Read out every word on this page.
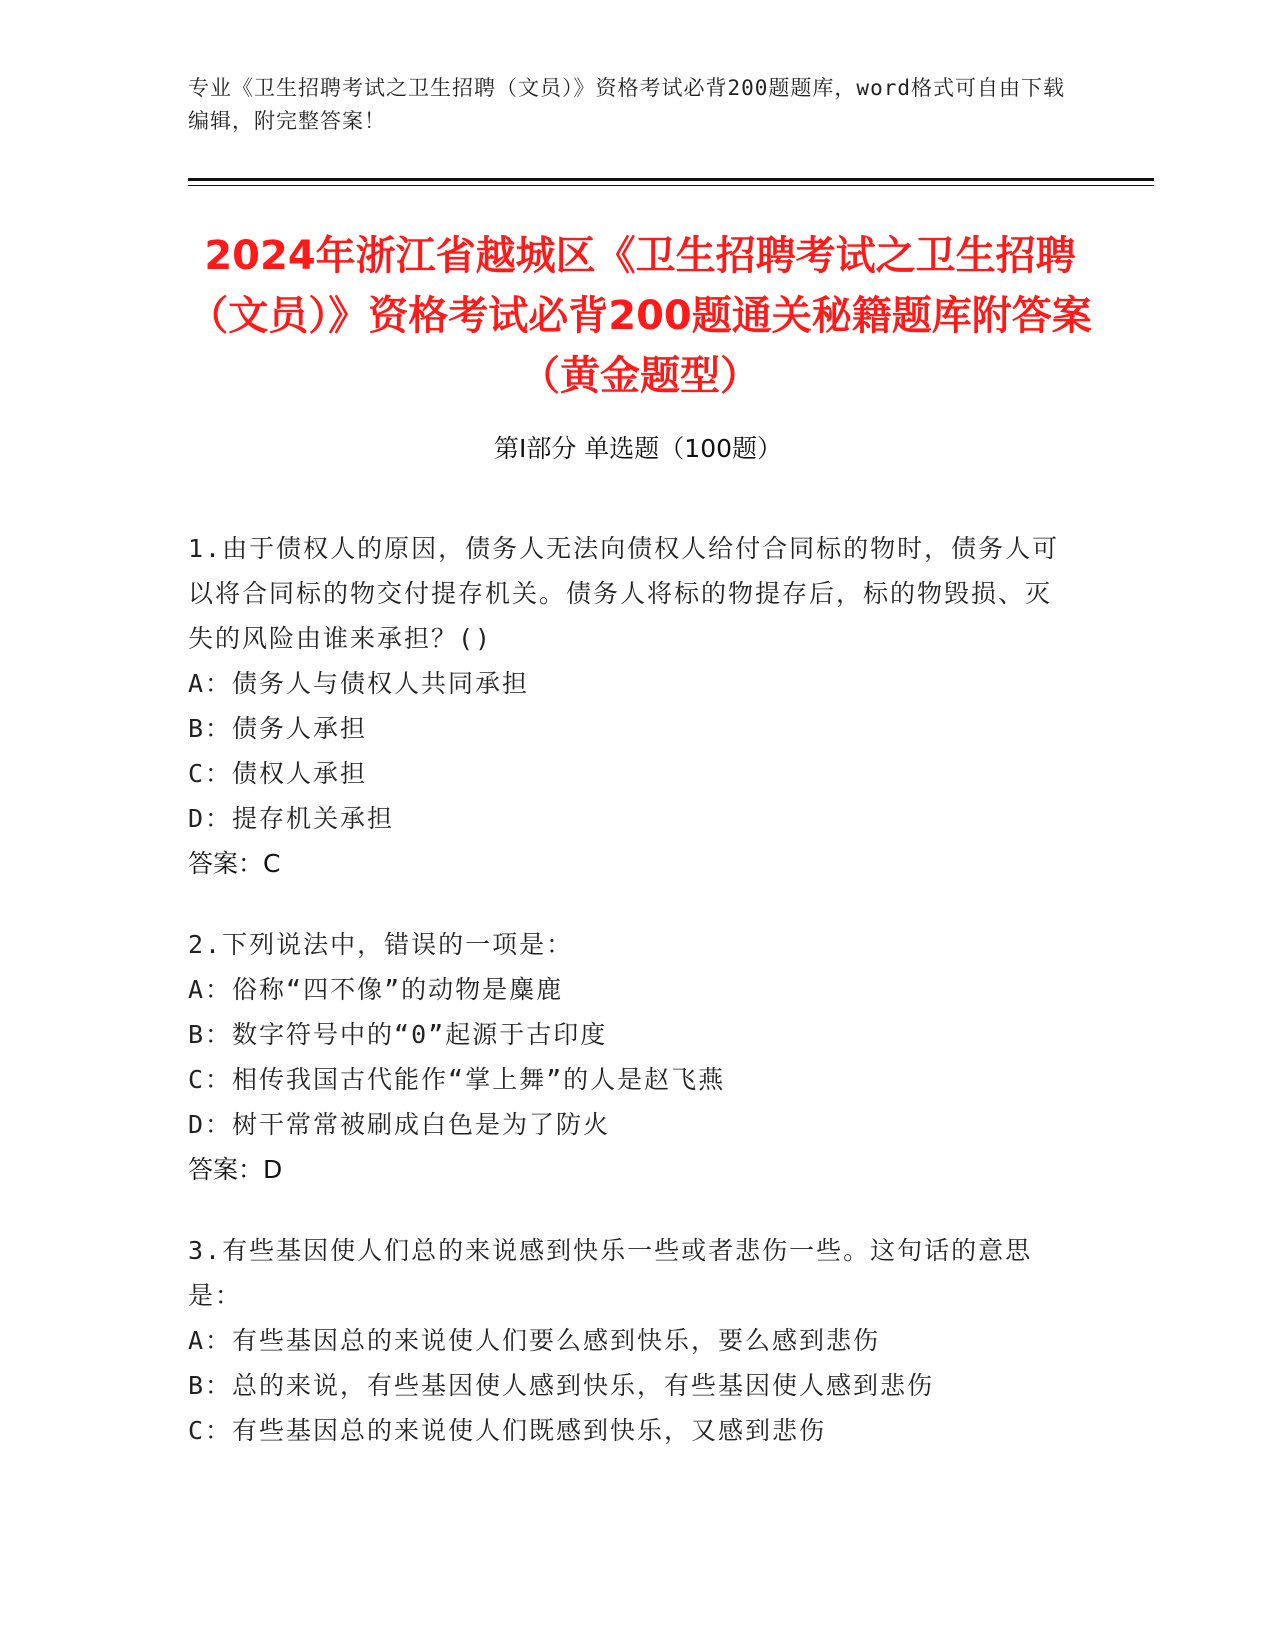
专业《卫生招聘考试之卫生招聘（文员）》资格考试必背200题题库，word格式可自由下载编辑，附完整答案！
2024年浙江省越城区《卫生招聘考试之卫生招聘（文员）》资格考试必背200题通关秘籍题库附答案（黄金题型）
第I部分 单选题（100题）
1.由于债权人的原因，债务人无法向债权人给付合同标的物时，债务人可以将合同标的物交付提存机关。债务人将标的物提存后，标的物毁损、灭失的风险由谁来承担？()
A：债务人与债权人共同承担
B：债务人承担
C：债权人承担
D：提存机关承担
答案：C
2.下列说法中，错误的一项是：
A：俗称“四不像”的动物是麋鹿
B：数字符号中的“0”起源于古印度
C：相传我国古代能作“掌上舞”的人是赵飞燕
D：树干常常被刷成白色是为了防火
答案：D
3.有些基因使人们总的来说感到快乐一些或者悲伤一些。这句话的意思是：
A：有些基因总的来说使人们要么感到快乐，要么感到悲伤
B：总的来说，有些基因使人感到快乐，有些基因使人感到悲伤
C：有些基因总的来说使人们既感到快乐，又感到悲伤
